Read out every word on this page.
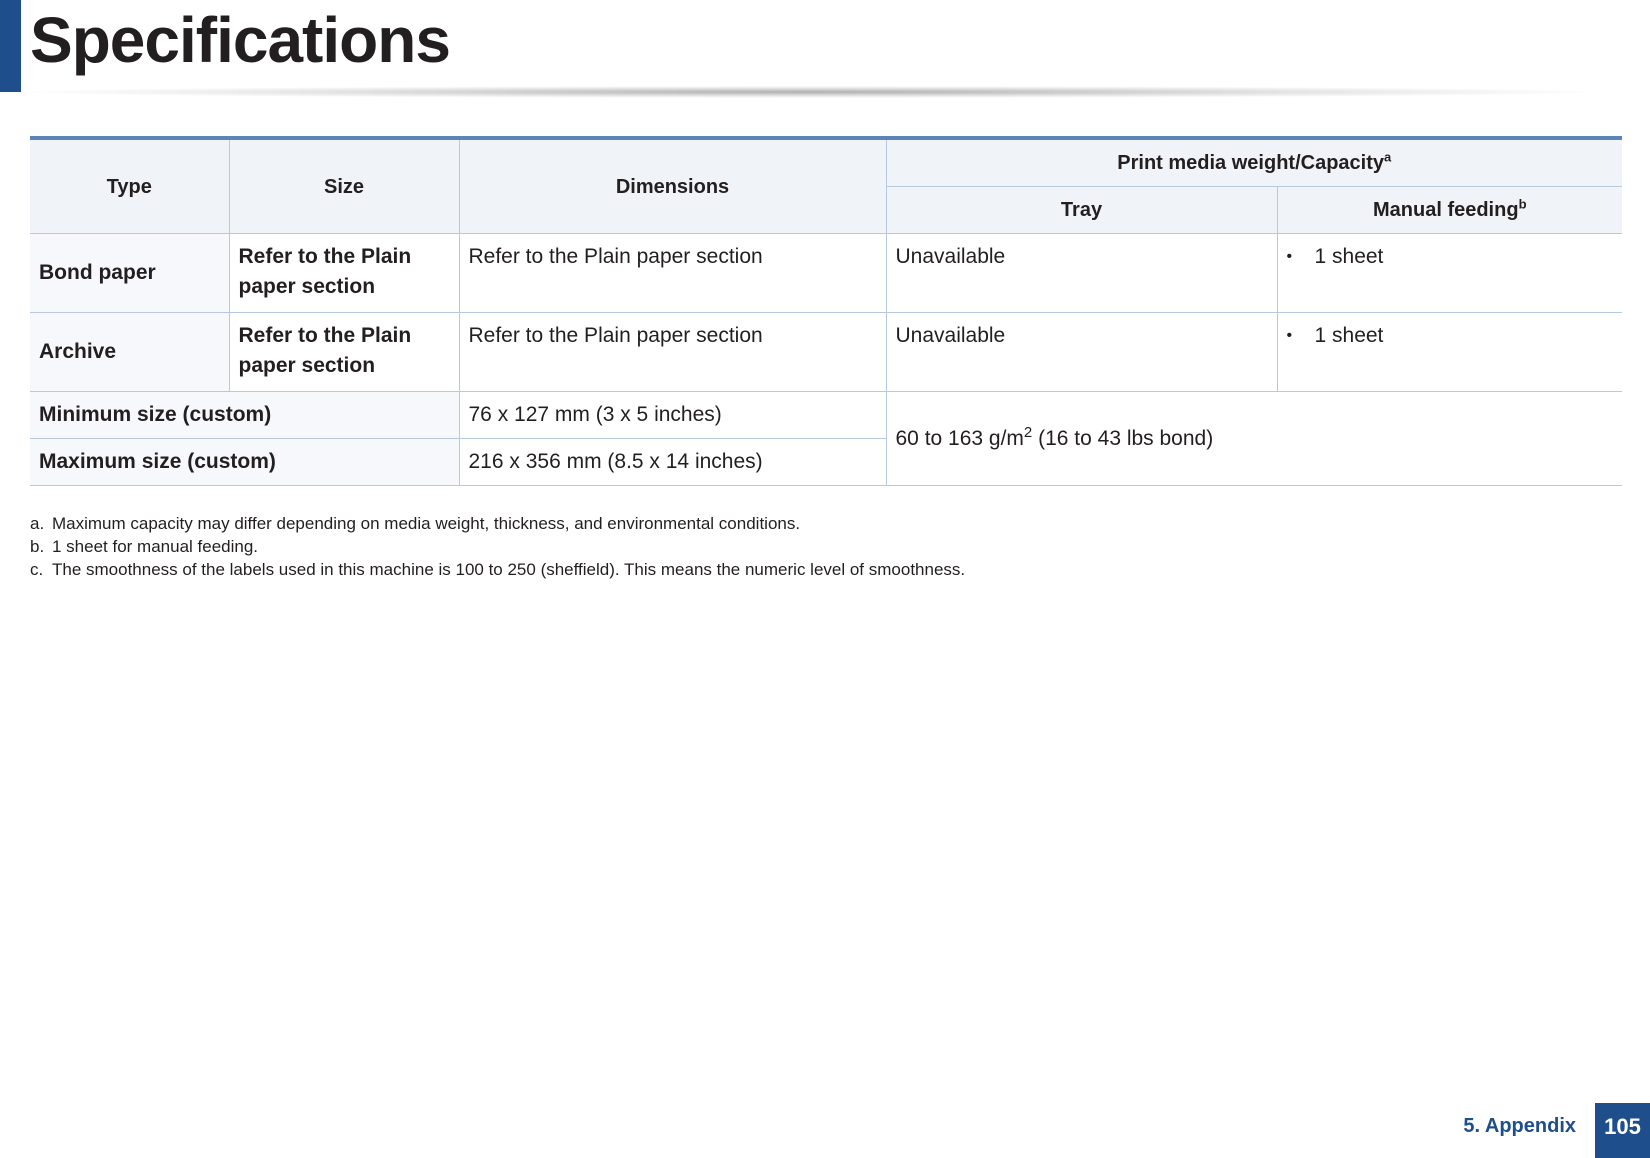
Specifications
Type	Size	Dimensions	Print media weight/Capacity$^a$
			Tray	Manual feeding$^b$
Bond paper	Refer to the Plain paper section	Refer to the Plain paper section	Unavailable	• 1 sheet
Archive	Refer to the Plain paper section	Refer to the Plain paper section	Unavailable	• 1 sheet
Minimum size (custom)		76 x 127 mm (3 x 5 inches)	60 to 163 $g/m^2$ (16 to 43 lbs bond)	
Maximum size (custom)		216 x 356 mm (8.5 x 14 inches)		
a. Maximum capacity may differ depending on media weight, thickness, and environmental conditions.
b. 1 sheet for manual feeding.
c. The smoothness of the labels used in this machine is 100 to 250 (sheffield). This means the numeric level of smoothness.
5. Appendix	105
